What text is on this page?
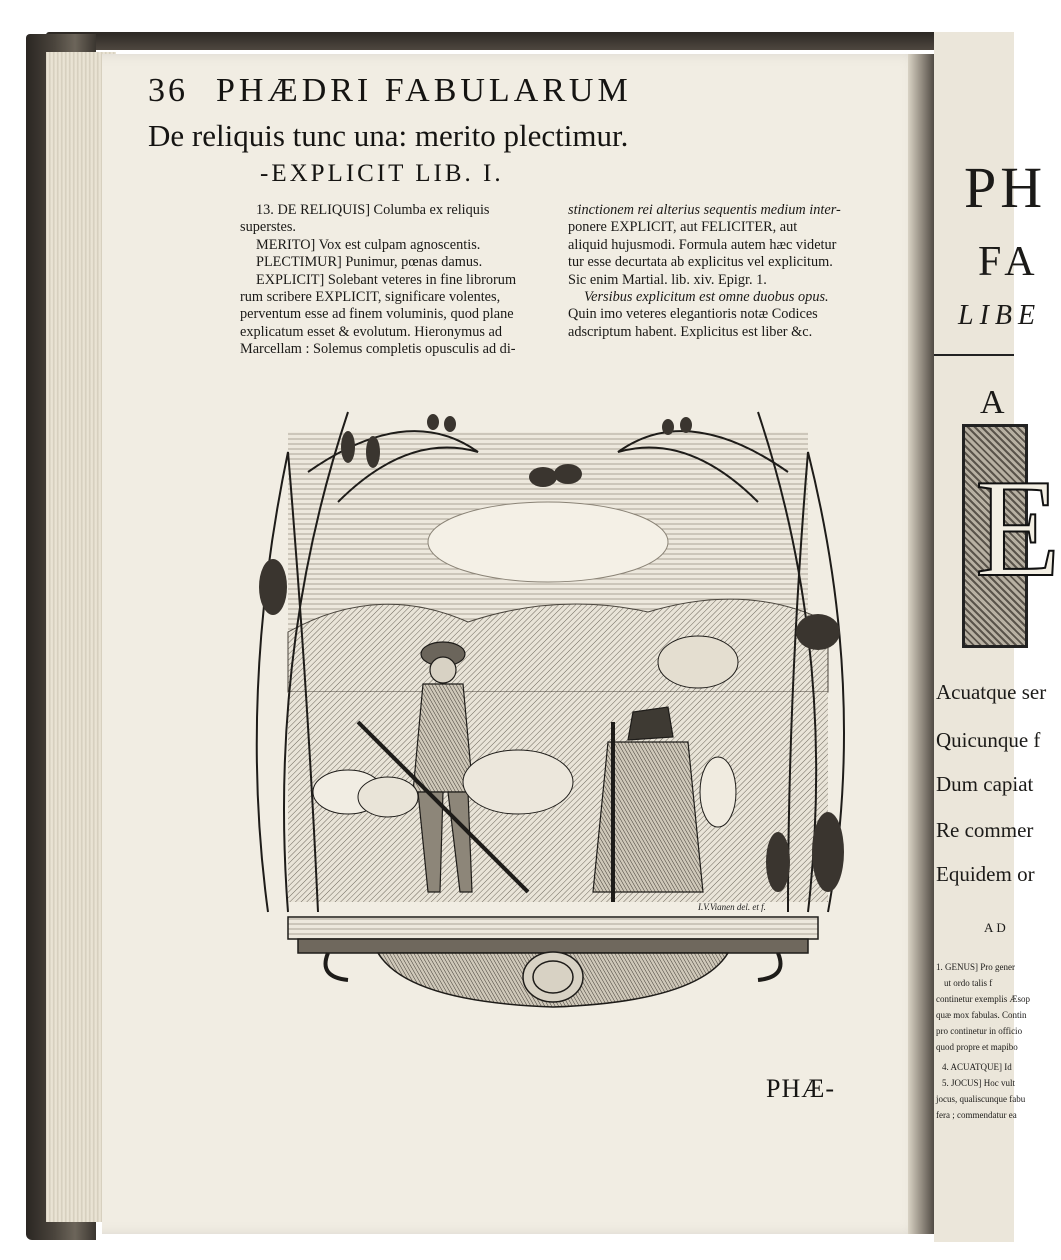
PH
FA
LIBE
A
E
Acuatque ser
Quicunque f
Dum capiat
Re commer
Equidem or
AD
1. GENUS] Pro gener
ut ordo talis f
continetur exemplis Æsop
quæ mox fabulas. Contin
pro continetur in officio
quod propre et mapibo
4. ACUATQUE] Id
5. JOCUS] Hoc vult
jocus, qualiscunque fabu
fera ; commendatur ea
36 PHÆDRI FABULARUM
De reliquis tunc una: merito plectimur.
-EXPLICIT LIB. I.
13. DE RELIQUIS] Columba ex reliquis
superstes.
MERITO] Vox est culpam agnoscentis.
PLECTIMUR] Punimur, pœnas damus.
EXPLICIT] Solebant veteres in fine librorum
rum scribere EXPLICIT, significare volentes,
perventum esse ad finem voluminis, quod plane
explicatum esset & evolutum. Hieronymus ad
Marcellam : Solemus completis opusculis ad di-
stinctionem rei alterius sequentis medium inter-
ponere EXPLICIT, aut FELICITER, aut
aliquid hujusmodi. Formula autem hæc videtur
tur esse decurtata ab explicitus vel explicitum.
Sic enim Martial. lib. xiv. Epigr. 1.
Versibus explicitum est omne duobus opus.
Quin imo veteres elegantioris notæ Codices
adscriptum habent. Explicitus est liber &c.
I.V.Vianen del. et f.
PHÆ-
